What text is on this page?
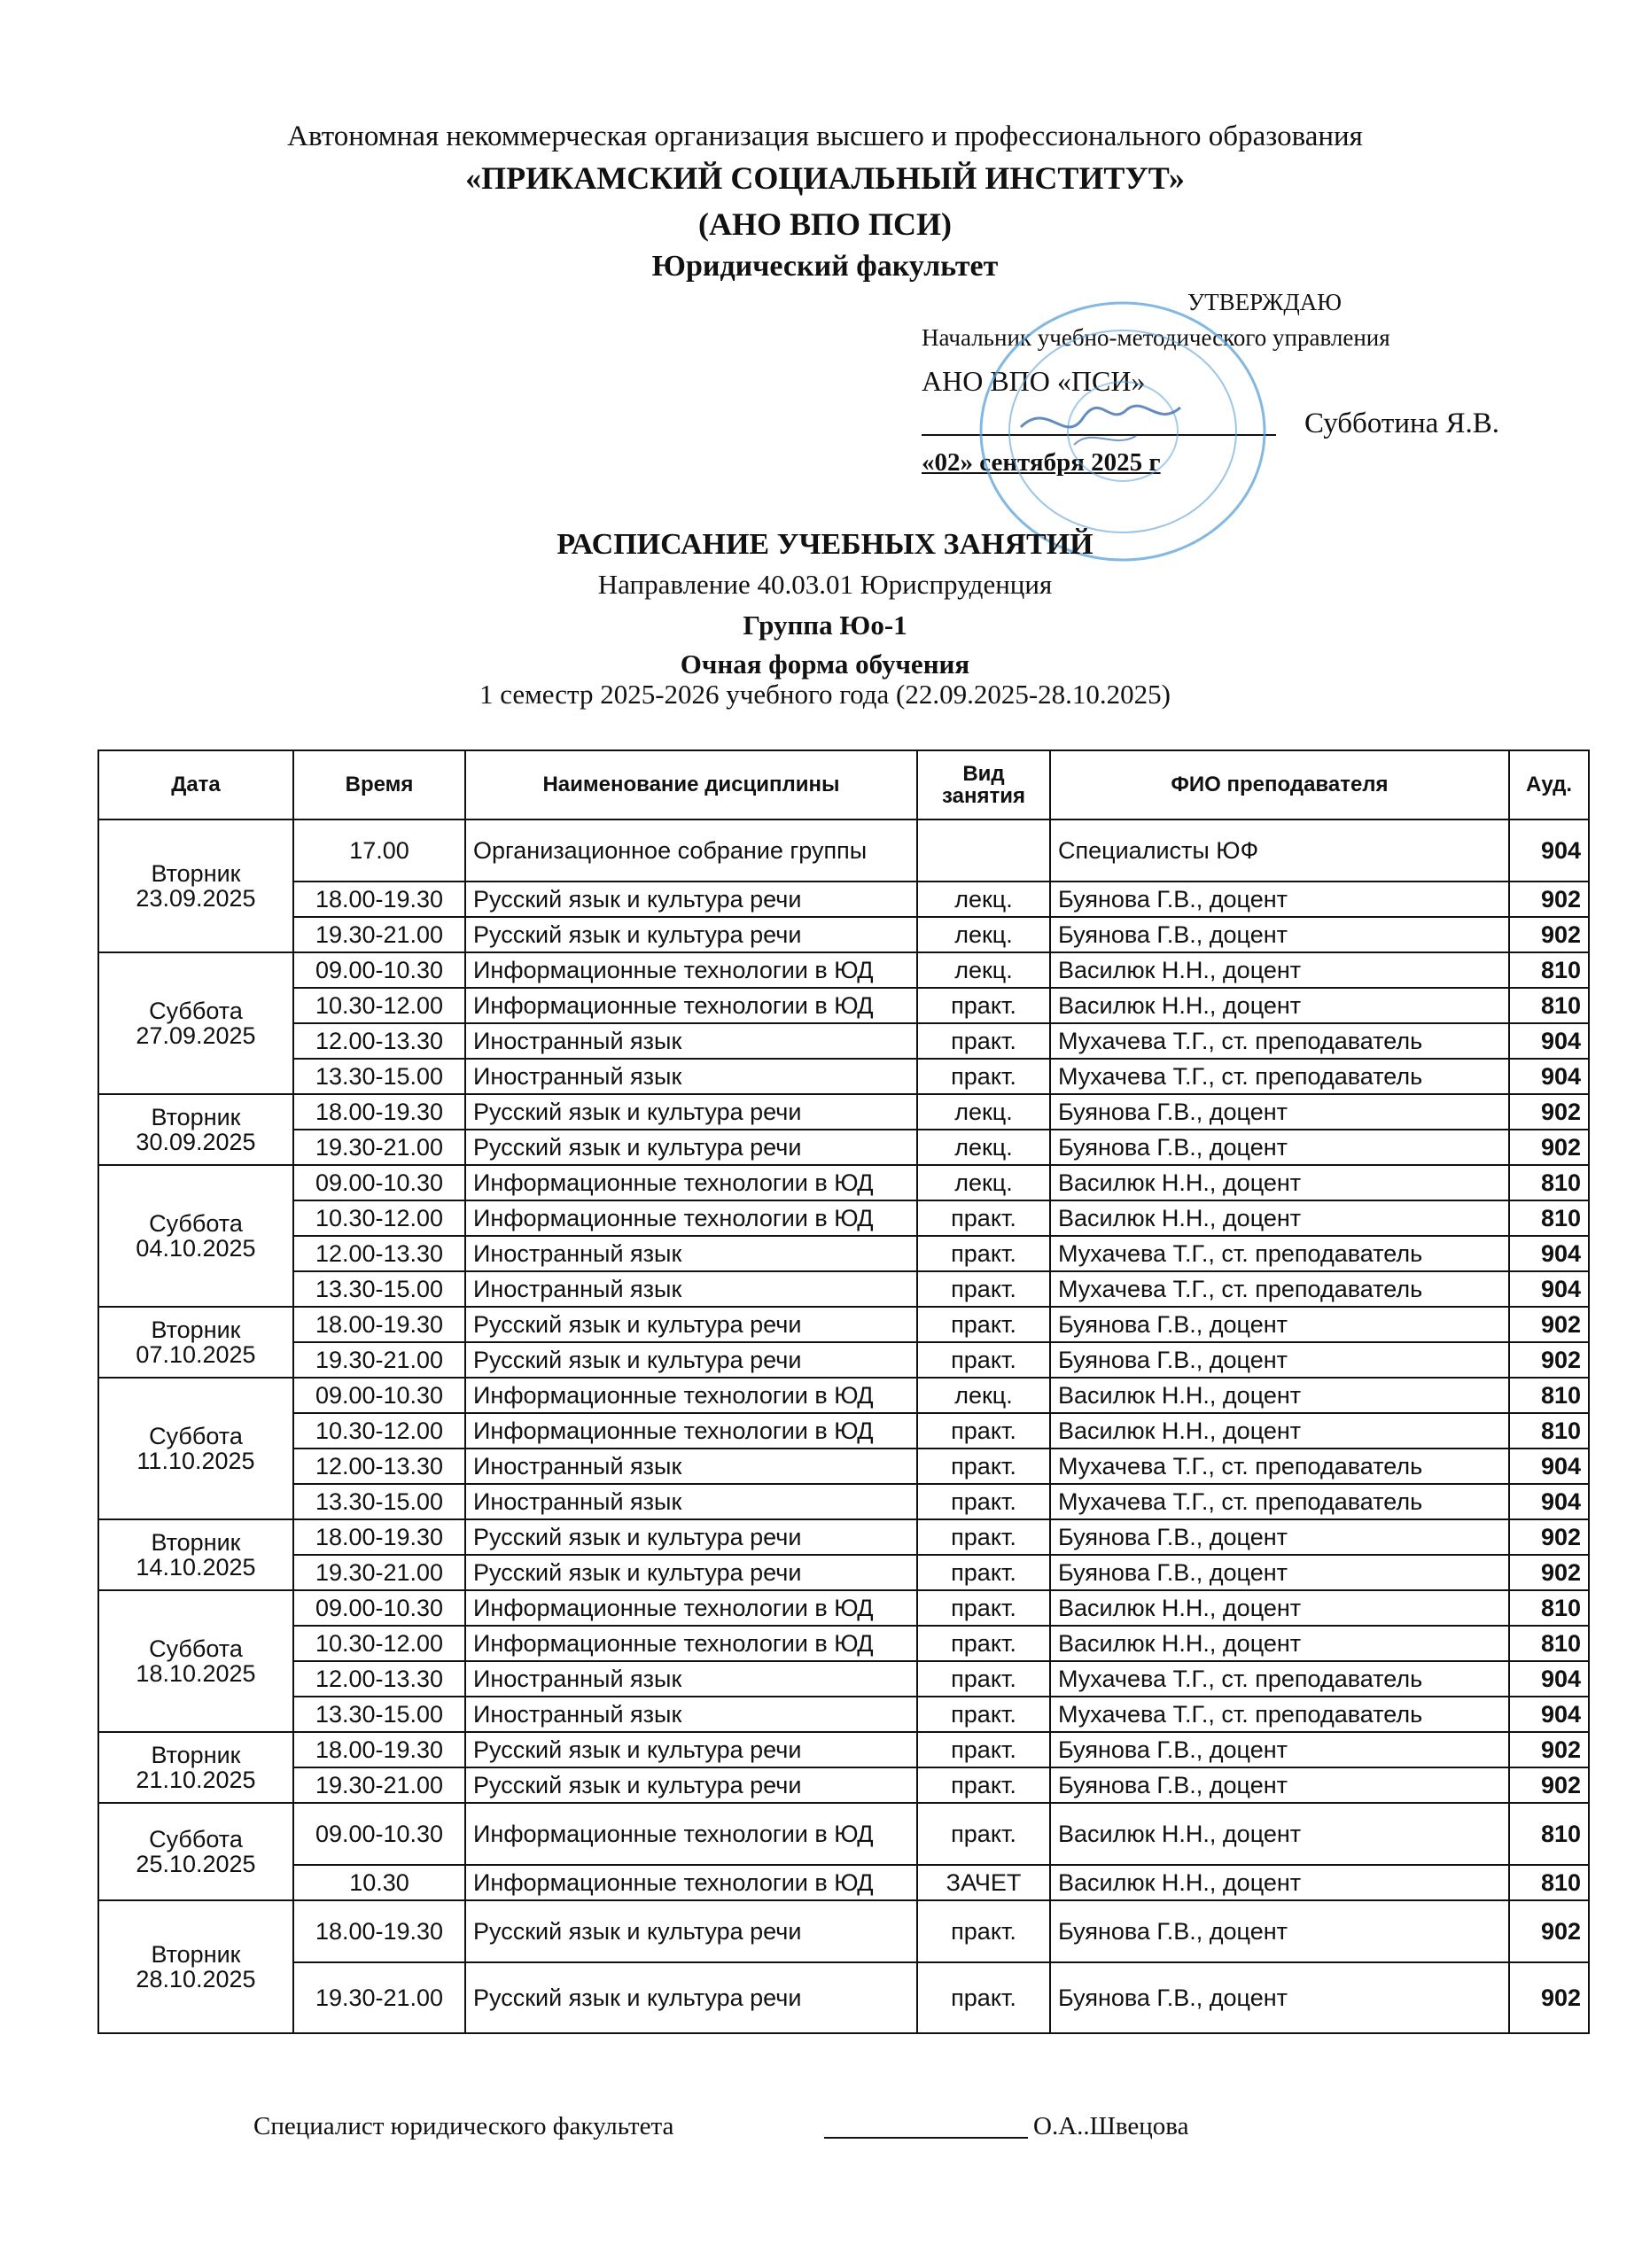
Автономная некоммерческая организация высшего и профессионального образования
«ПРИКАМСКИЙ СОЦИАЛЬНЫЙ ИНСТИТУТ»
(АНО ВПО ПСИ)
Юридический факультет
УТВЕРЖДАЮ
Начальник учебно-методического управления
АНО ВПО «ПСИ»
Субботина Я.В.
«02» сентября 2025 г
РАСПИСАНИЕ УЧЕБНЫХ ЗАНЯТИЙ
Направление 40.03.01 Юриспруденция
Группа Юо-1
Очная форма обучения
1 семестр 2025-2026 учебного года (22.09.2025-28.10.2025)
Дата	Время	Наименование дисциплины	Вид занятия	ФИО преподавателя	Ауд.

Вторник
23.09.2025	17.00	Организационное собрание группы		Специалисты ЮФ	904
	18.00-19.30	Русский язык и культура речи	лекц.	Буянова Г.В., доцент	902
	19.30-21.00	Русский язык и культура речи	лекц.	Буянова Г.В., доцент	902

Суббота
27.09.2025	09.00-10.30	Информационные технологии в ЮД	лекц.	Василюк Н.Н., доцент	810
	10.30-12.00	Информационные технологии в ЮД	практ.	Василюк Н.Н., доцент	810
	12.00-13.30	Иностранный язык	практ.	Мухачева Т.Г., ст. преподаватель	904
	13.30-15.00	Иностранный язык	практ.	Мухачева Т.Г., ст. преподаватель	904

Вторник
30.09.2025	18.00-19.30	Русский язык и культура речи	лекц.	Буянова Г.В., доцент	902
	19.30-21.00	Русский язык и культура речи	лекц.	Буянова Г.В., доцент	902

Суббота
04.10.2025	09.00-10.30	Информационные технологии в ЮД	лекц.	Василюк Н.Н., доцент	810
	10.30-12.00	Информационные технологии в ЮД	практ.	Василюк Н.Н., доцент	810
	12.00-13.30	Иностранный язык	практ.	Мухачева Т.Г., ст. преподаватель	904
	13.30-15.00	Иностранный язык	практ.	Мухачева Т.Г., ст. преподаватель	904

Вторник
07.10.2025	18.00-19.30	Русский язык и культура речи	практ.	Буянова Г.В., доцент	902
	19.30-21.00	Русский язык и культура речи	практ.	Буянова Г.В., доцент	902

Суббота
11.10.2025	09.00-10.30	Информационные технологии в ЮД	лекц.	Василюк Н.Н., доцент	810
	10.30-12.00	Информационные технологии в ЮД	практ.	Василюк Н.Н., доцент	810
	12.00-13.30	Иностранный язык	практ.	Мухачева Т.Г., ст. преподаватель	904
	13.30-15.00	Иностранный язык	практ.	Мухачева Т.Г., ст. преподаватель	904

Вторник
14.10.2025	18.00-19.30	Русский язык и культура речи	практ.	Буянова Г.В., доцент	902
	19.30-21.00	Русский язык и культура речи	практ.	Буянова Г.В., доцент	902

Суббота
18.10.2025	09.00-10.30	Информационные технологии в ЮД	практ.	Василюк Н.Н., доцент	810
	10.30-12.00	Информационные технологии в ЮД	практ.	Василюк Н.Н., доцент	810
	12.00-13.30	Иностранный язык	практ.	Мухачева Т.Г., ст. преподаватель	904
	13.30-15.00	Иностранный язык	практ.	Мухачева Т.Г., ст. преподаватель	904

Вторник
21.10.2025	18.00-19.30	Русский язык и культура речи	практ.	Буянова Г.В., доцент	902
	19.30-21.00	Русский язык и культура речи	практ.	Буянова Г.В., доцент	902

Суббота
25.10.2025	09.00-10.30	Информационные технологии в ЮД	практ.	Василюк Н.Н., доцент	810
	10.30	Информационные технологии в ЮД	ЗАЧЕТ	Василюк Н.Н., доцент	810

Вторник
28.10.2025	18.00-19.30	Русский язык и культура речи	практ.	Буянова Г.В., доцент	902
	19.30-21.00	Русский язык и культура речи	практ.	Буянова Г.В., доцент	902
Специалист юридического факультета	О.А..Швецова
